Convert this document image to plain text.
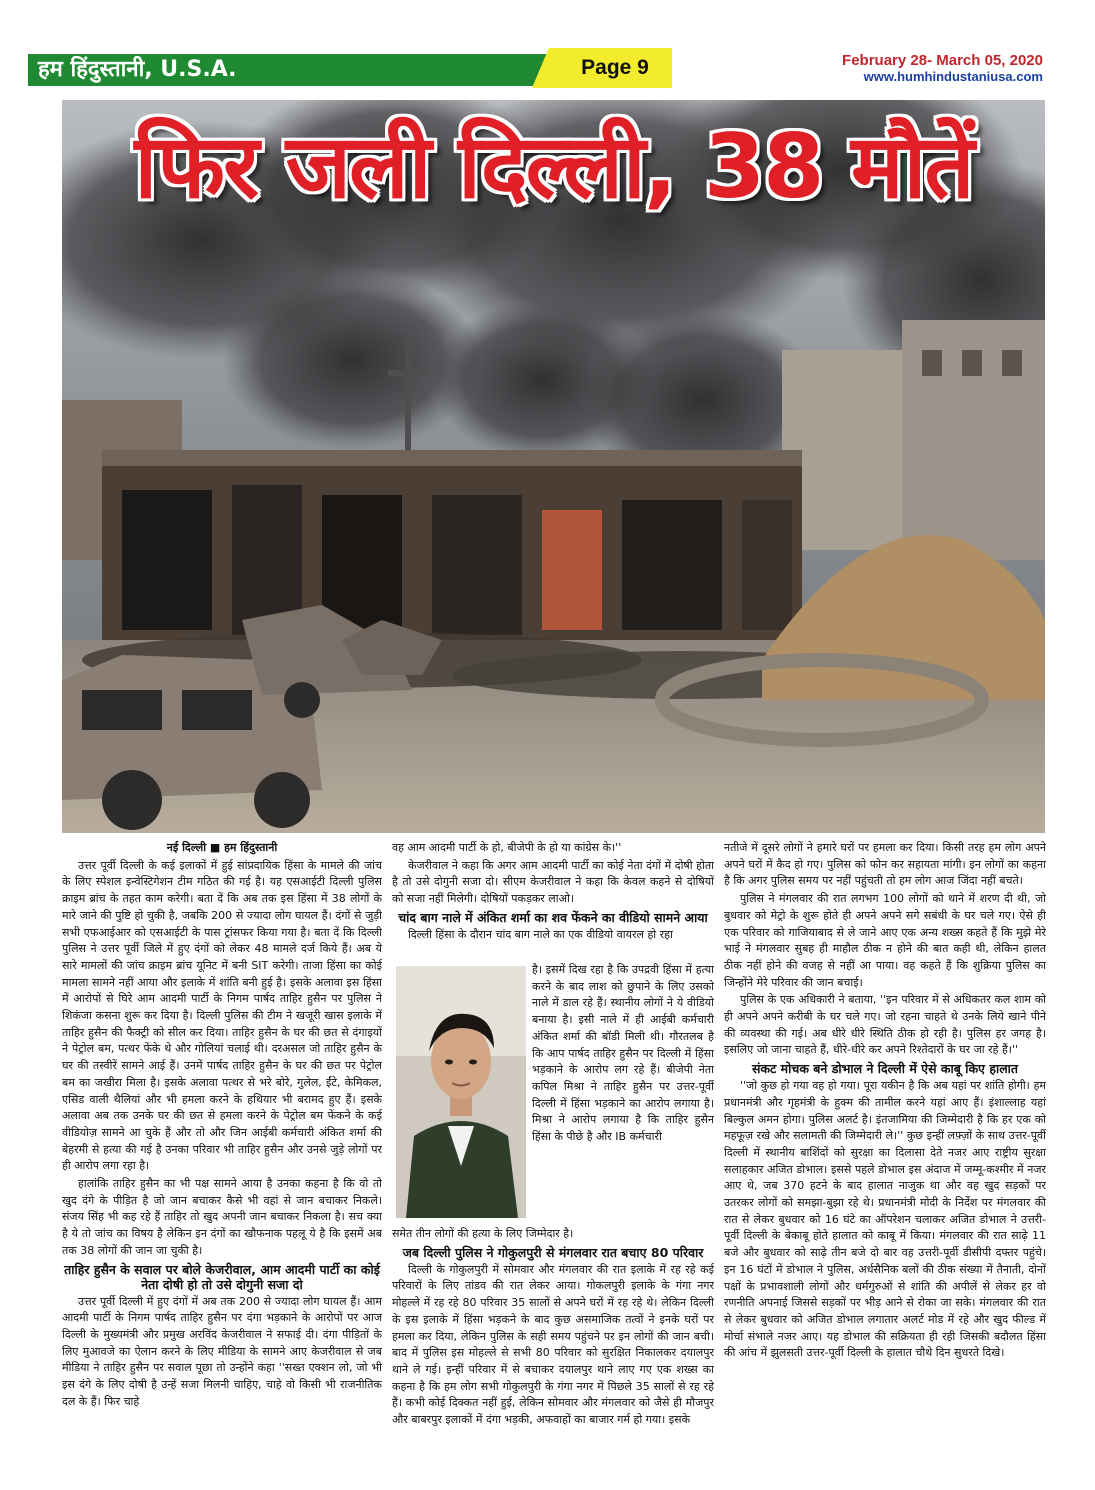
हम हिंदुस्तानी, U.S.A.	Page 9	February 28- March 05, 2020
www.humhindustaniusa.com
फिर जली दिल्ली, 38 मौतें

नई दिल्ली ■ हम हिंदुस्तानी

उत्तर पूर्वी दिल्ली के कई इलाकों में हुई सांप्रदायिक हिंसा के मामले की जांच के लिए स्पेशल इन्वेस्टिगेशन टीम गठित की गई है। यह एसआईटी दिल्ली पुलिस क्राइम ब्रांच के तहत काम करेगी। बता दें कि अब तक इस हिंसा में 38 लोगों के मारे जाने की पुष्टि हो चुकी है, जबकि 200 से ज्यादा लोग घायल हैं। दंगों से जुड़ी सभी एफआईआर को एसआईटी के पास ट्रांसफर किया गया है। बता दें कि दिल्ली पुलिस ने उत्तर पूर्वी जिले में हुए दंगों को लेकर 48 मामले दर्ज किये हैं। अब ये सारे मामलों की जांच क्राइम ब्रांच यूनिट में बनी SIT करेगी। ताजा हिंसा का कोई मामला सामने नहीं आया और इलाके में शांति बनी हुई है। इसके अलावा इस हिंसा में आरोपों से घिरे आम आदमी पार्टी के निगम पार्षद ताहिर हुसैन पर पुलिस ने शिकंजा कसना शुरू कर दिया है। दिल्ली पुलिस की टीम ने खजूरी खास इलाके में ताहिर हुसैन की फैक्ट्री को सील कर दिया। ताहिर हुसैन के घर की छत से दंगाइयों ने पेट्रोल बम, पत्थर फेंके थे और गोलियां चलाई थी। दरअसल जो ताहिर हुसैन के घर की तस्वीरें सामने आई हैं। उनमें पार्षद ताहिर हुसैन के घर की छत पर पेट्रोल बम का जखीरा मिला है। इसके अलावा पत्थर से भरे बोरे, गुलेल, ईंटे, केमिकल, एसिड वाली थैलियां और भी हमला करने के हथियार भी बरामद हुए हैं। इसके अलावा अब तक उनके घर की छत से हमला करने के पेट्रोल बम फेंकने के कई वीडियोज़ सामने आ चुके हैं और तो और जिन आईबी कर्मचारी अंकित शर्मा की बेहरमी से हत्या की गई है उनका परिवार भी ताहिर हुसैन और उनसे जुड़े लोगों पर ही आरोप लगा रहा है।

हालांकि ताहिर हुसैन का भी पक्ष सामने आया है उनका कहना है कि वो तो खुद दंगे के पीड़ित है जो जान बचाकर कैसे भी वहां से जान बचाकर निकले। संजय सिंह भी कह रहे हैं ताहिर तो खुद अपनी जान बचाकर निकला है। सच क्या है ये तो जांच का विषय है लेकिन इन दंगों का खौफनाक पहलू ये है कि इसमें अब तक 38 लोगों की जान जा चुकी है।

ताहिर हुसैन के सवाल पर बोले केजरीवाल, आम आदमी पार्टी का कोई नेता दोषी हो तो उसे दोगुनी सजा दो

उत्तर पूर्वी दिल्ली में हुए दंगों में अब तक 200 से ज्यादा लोग घायल हैं। आम आदमी पार्टी के निगम पार्षद ताहिर हुसैन पर दंगा भड़काने के आरोपों पर आज दिल्ली के मुख्यमंत्री और प्रमुख अरविंद केजरीवाल ने सफाई दी। दंगा पीड़ितों के लिए मुआवजे का ऐलान करने के लिए मीडिया के सामने आए केजरीवाल से जब मीडिया ने ताहिर हुसैन पर सवाल पूछा तो उन्होंने कहा ''सख्त एक्शन लो, जो भी इस दंगे के लिए दोषी है उन्हें सजा मिलनी चाहिए, चाहे वो किसी भी राजनीतिक दल के हैं। फिर चाहे

वह आम आदमी पार्टी के हो, बीजेपी के हो या कांग्रेस के।''

केजरीवाल ने कहा कि अगर आम आदमी पार्टी का कोई नेता दंगों में दोषी होता है तो उसे दोगुनी सजा दो। सीएम केजरीवाल ने कहा कि केवल कहने से दोषियों को सजा नहीं मिलेगी। दोषियों पकड़कर लाओ।

चांद बाग नाले में अंकित शर्मा का शव फेंकने का वीडियो सामने आया

दिल्ली हिंसा के दौरान चांद बाग नाले का एक वीडियो वायरल हो रहा

है। इसमें दिख रहा है कि उपद्रवी हिंसा में हत्या करने के बाद लाश को छुपाने के लिए उसको नाले में डाल रहे हैं। स्थानीय लोगों ने ये वीडियो बनाया है। इसी नाले में ही आईबी कर्मचारी अंकित शर्मा की बॉडी मिली थी। गौरतलब है कि आप पार्षद ताहिर हुसैन पर दिल्ली में हिंसा भड़काने के आरोप लग रहे हैं। बीजेपी नेता कपिल मिश्रा ने ताहिर हुसैन पर उत्तर-पूर्वी दिल्ली में हिंसा भड़काने का आरोप लगाया है। मिश्रा ने आरोप लगाया है कि ताहिर हुसैन हिंसा के पीछे है और IB कर्मचारी

समेत तीन लोगों की हत्या के लिए जिम्मेदार है।

जब दिल्ली पुलिस ने गोकुलपुरी से मंगलवार रात बचाए 80 परिवार

दिल्ली के गोकुलपुरी में सोमवार और मंगलवार की रात इलाके में रह रहे कई परिवारों के लिए तांडव की रात लेकर आया। गोकलपुरी इलाके के गंगा नगर मोहल्ले में रह रहे 80 परिवार 35 सालों से अपने घरों में रह रहे थे। लेकिन दिल्ली के इस इलाके में हिंसा भड़कने के बाद कुछ असमाजिक तत्वों ने इनके घरों पर हमला कर दिया, लेकिन पुलिस के सही समय पहुंचने पर इन लोगों की जान बची। बाद में पुलिस इस मोहल्ले से सभी 80 परिवार को सुरक्षित निकालकर दयालपुर थाने ले गई। इन्हीं परिवार में से बचाकर दयालपुर थाने लाए गए एक शख्स का कहना है कि हम लोग सभी गोकुलपुरी के गंगा नगर में पिछले 35 सालों से रह रहे हैं। कभी कोई दिक्कत नहीं हुई, लेकिन सोमवार और मंगलवार को जैसे ही मौजपुर और बाबरपुर इलाकों में दंगा भड़की, अफवाहों का बाजार गर्म हो गया। इसके

नतीजे में दूसरे लोगों ने हमारे घरों पर हमला कर दिया। किसी तरह हम लोग अपने अपने घरों में कैद हो गए। पुलिस को फोन कर सहायता मांगी। इन लोगों का कहना है कि अगर पुलिस समय पर नहीं पहुंचती तो हम लोग आज जिंदा नहीं बचते।

पुलिस ने मंगलवार की रात लगभग 100 लोगों को थाने में शरण दी थी, जो बुधवार को मेट्रो के शुरू होते ही अपने अपने सगे सबंधी के घर चले गए। ऐसे ही एक परिवार को गाजियाबाद से ले जाने आए एक अन्य शख्स कहते हैं कि मुझे मेरे भाई ने मंगलवार सुबह ही माहौल ठीक न होने की बात कही थी, लेकिन हालत ठीक नहीं होने की वजह से नहीं आ पाया। वह कहते हैं कि शुक्रिया पुलिस का जिन्होंने मेरे परिवार की जान बचाई।

पुलिस के एक अधिकारी ने बताया, ''इन परिवार में से अधिकतर कल शाम को ही अपने अपने करीबी के घर चले गए। जो रहना चाहते थे उनके लिये खाने पीने की व्यवस्था की गई। अब धीरे धीरे स्थिति ठीक हो रही है। पुलिस हर जगह है। इसलिए जो जाना चाहते हैं, धीरे-धीरे कर अपने रिश्तेदारों के घर जा रहे हैं।''

संकट मोचक बने डोभाल ने दिल्ली में ऐसे काबू किए हालात

''जो कुछ हो गया वह हो गया। पूरा यकीन है कि अब यहां पर शांति होगी। हम प्रधानमंत्री और गृहमंत्री के हुक्म की तामील करने यहां आए हैं। इंशाल्लाह यहां बिल्कुल अमन होगा। पुलिस अलर्ट है। इंतजामिया की जिम्मेदारी है कि हर एक को महफूज़ रखे और सलामती की जिम्मेदारी ले।'' कुछ इन्हीं लफ़्ज़ों के साथ उत्तर-पूर्वी दिल्ली में स्थानीय बाशिंदों को सुरक्षा का दिलासा देते नजर आए राष्ट्रीय सुरक्षा सलाहकार अजित डोभाल। इससे पहले डोभाल इस अंदाज में जम्मू-कश्मीर में नजर आए थे, जब 370 हटने के बाद हालात नाजुक था और वह खुद सड़कों पर उतरकर लोगों को समझा-बुझा रहे थे। प्रधानमंत्री मोदी के निर्देश पर मंगलवार की रात से लेकर बुधवार को 16 घंटे का ऑपरेशन चलाकर अजित डोभाल ने उत्तरी-पूर्वी दिल्ली के बेकाबू होते हालात को काबू में किया। मंगलवार की रात साढ़े 11 बजे और बुधवार को साढ़े तीन बजे दो बार वह उत्तरी-पूर्वी डीसीपी दफ्तर पहुंचे। इन 16 घंटों में डोभाल ने पुलिस, अर्धसैनिक बलों की ठीक संख्या में तैनाती, दोनों पक्षों के प्रभावशाली लोगों और धर्मगुरुओं से शांति की अपीलें से लेकर हर वो रणनीति अपनाई जिससे सड़कों पर भीड़ आने से रोका जा सके। मंगलवार की रात से लेकर बुधवार को अजित डोभाल लगातार अलर्ट मोड में रहे और खुद फील्ड में मोर्चा संभाले नजर आए। यह डोभाल की सक्रियता ही रही जिसकी बदौलत हिंसा की आंच में झुलसती उत्तर-पूर्वी दिल्ली के हालात चौथे दिन सुधरते दिखे।
